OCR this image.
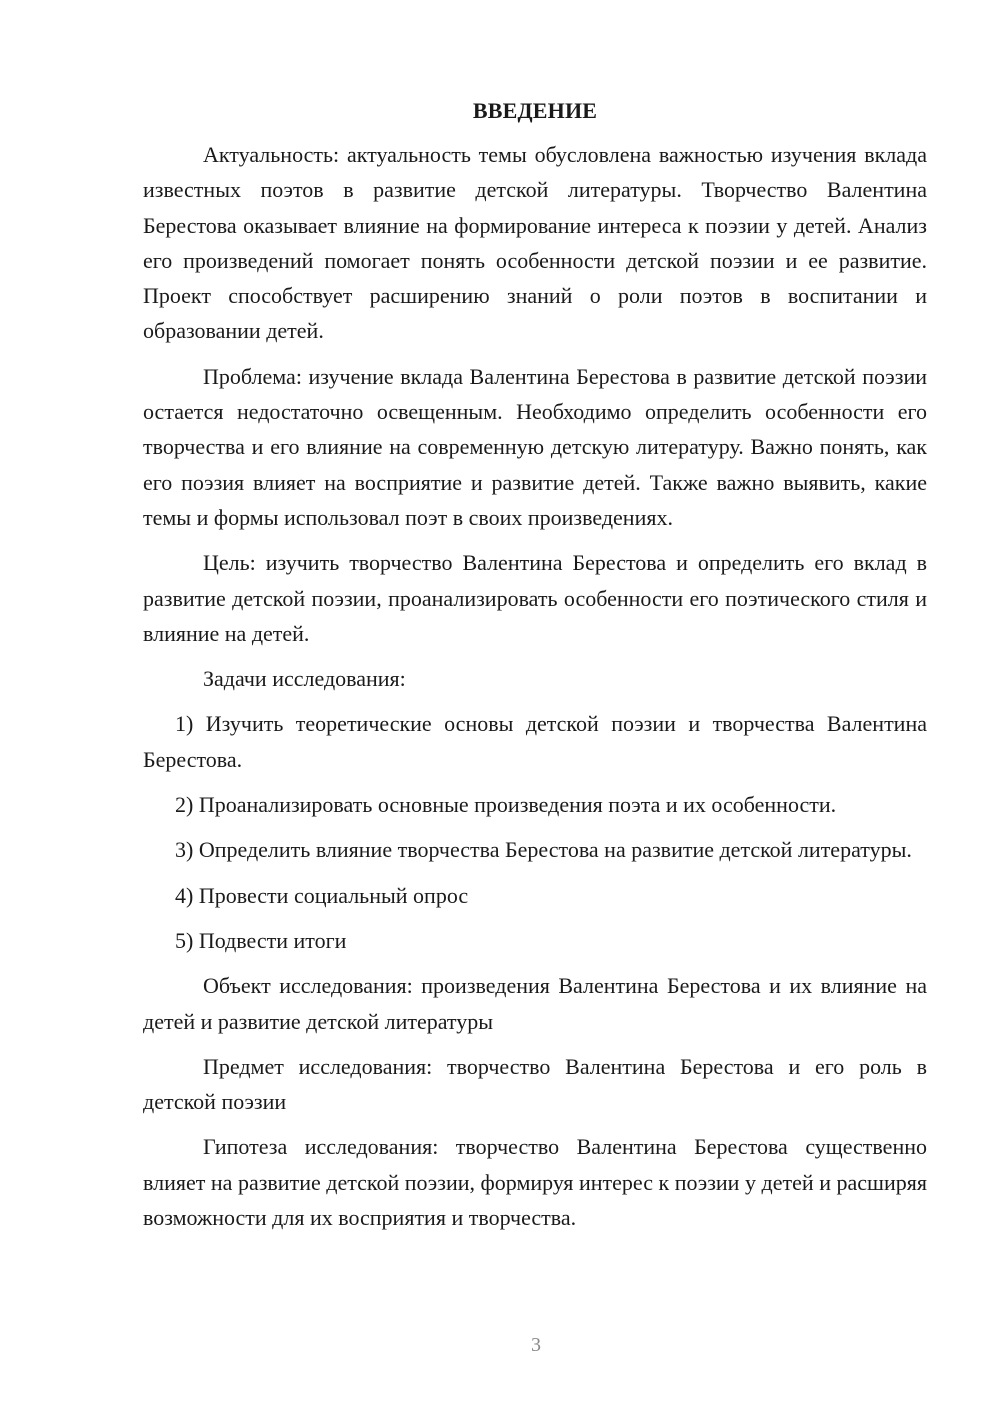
ВВЕДЕНИЕ

Актуальность: актуальность темы обусловлена важностью изучения вклада известных поэтов в развитие детской литературы. Творчество Валентина Берестова оказывает влияние на формирование интереса к поэзии у детей. Анализ его произведений помогает понять особенности детской поэзии и ее развитие. Проект способствует расширению знаний о роли поэтов в воспитании и образовании детей.

Проблема: изучение вклада Валентина Берестова в развитие детской поэзии остается недостаточно освещенным. Необходимо определить особенности его творчества и его влияние на современную детскую литературу. Важно понять, как его поэзия влияет на восприятие и развитие детей. Также важно выявить, какие темы и формы использовал поэт в своих произведениях.

Цель: изучить творчество Валентина Берестова и определить его вклад в развитие детской поэзии, проанализировать особенности его поэтического стиля и влияние на детей.

Задачи исследования:

1) Изучить теоретические основы детской поэзии и творчества Валентина Берестова.

2) Проанализировать основные произведения поэта и их особенности.

3) Определить влияние творчества Берестова на развитие детской литературы.

4) Провести социальный опрос

5) Подвести итоги

Объект исследования: произведения Валентина Берестова и их влияние на детей и развитие детской литературы

Предмет исследования: творчество Валентина Берестова и его роль в детской поэзии

Гипотеза исследования: творчество Валентина Берестова существенно влияет на развитие детской поэзии, формируя интерес к поэзии у детей и расширяя возможности для их восприятия и творчества.

3
